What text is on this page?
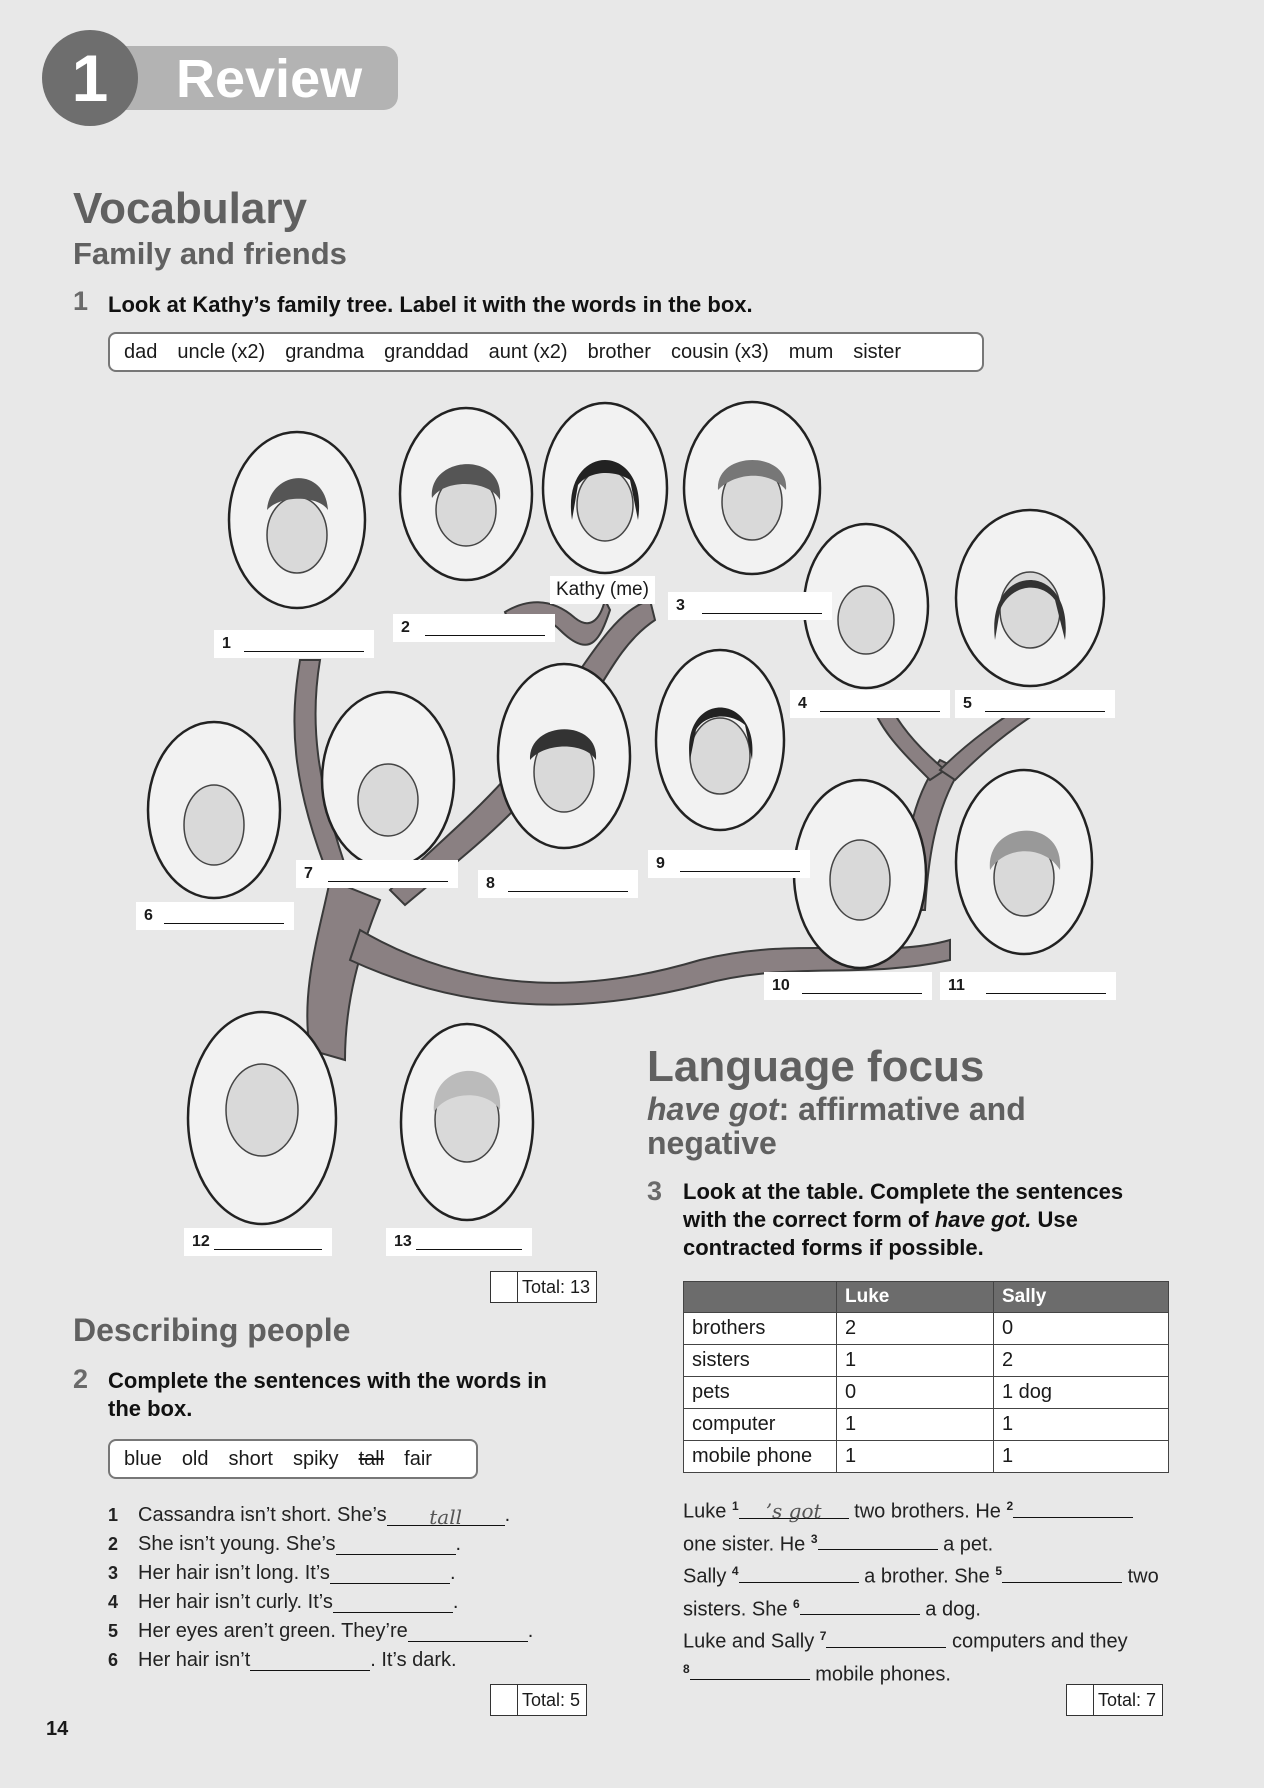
1	Review
Vocabulary
Family and friends
1 Look at Kathy’s family tree. Label it with the words in the box.
dad uncle (x2) grandma granddad aunt (x2) brother cousin (x3) mum sister
1
2
Kathy (me)
3
4	5
6
7
8
9
10	11
12	13
Total: 13
Describing people
2 Complete the sentences with the words in
the box.
blue old short spiky tall fair
1 Cassandra isn’t short. She’s	tall	.
2 She isn’t young. She’s	.
3 Her hair isn’t long. It’s	.
4 Her hair isn’t curly. It’s	.
5 Her eyes aren’t green. They’re	.
6 Her hair isn’t	. It’s dark.
Total: 5
Language focus
have got: affirmative and
negative
3 Look at the table. Complete the sentences
with the correct form of have got. Use
contracted forms if possible.
	Luke	Sally
brothers	2	0
sisters	1	2
pets	0	1 dog
computer	1	1
mobile phone	1	1
Luke $^1$ ’s got two brothers. He $^2$
one sister. He $^3$	a pet.
Sally $^4$	a brother. She $^5$	two
sisters. She $^6$	a dog.
Luke and Sally $^7$	computers and they
$^8$	mobile phones.
Total: 7
14
